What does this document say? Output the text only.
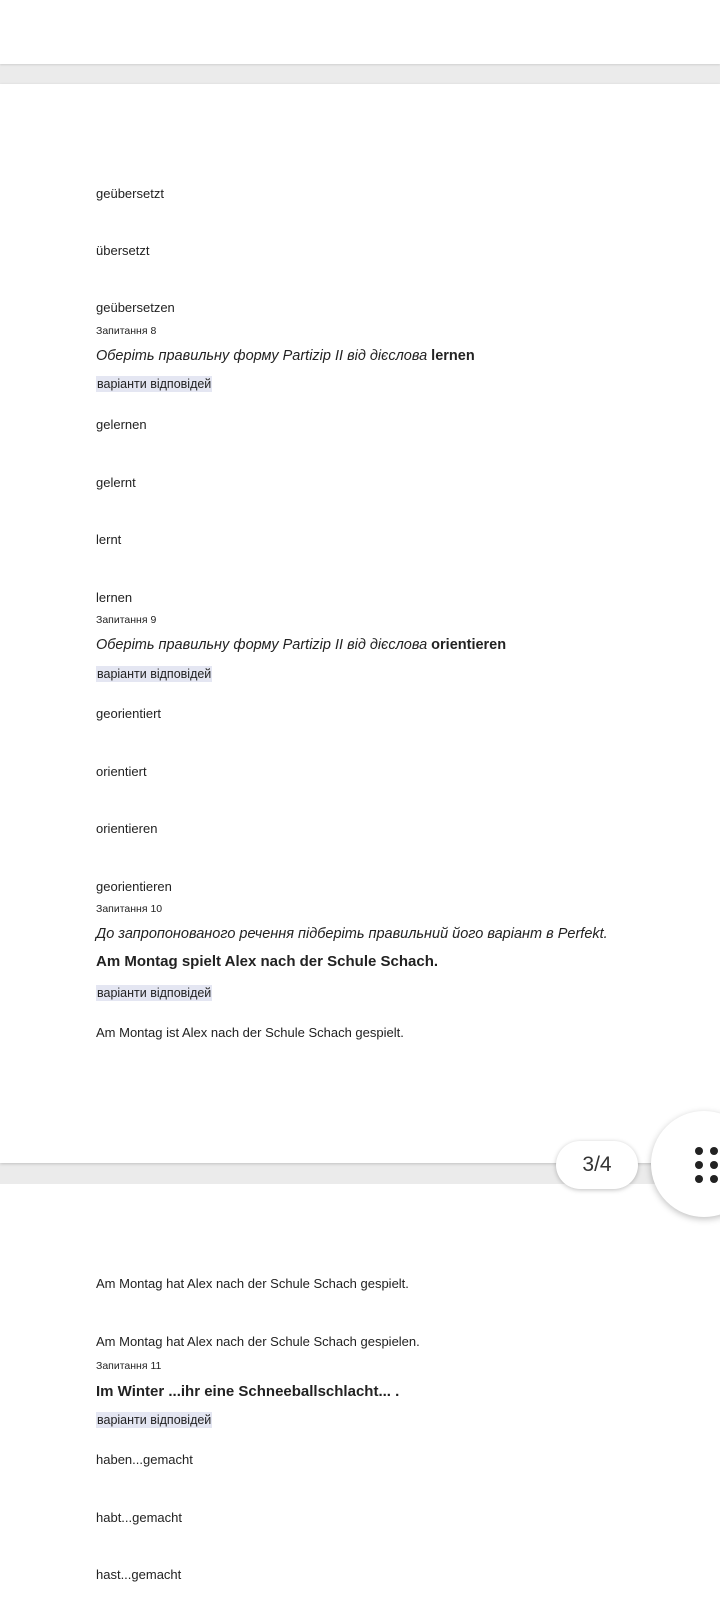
geübersetzt

übersetzt

geübersetzen

Запитання 8

Оберіть правильну форму Partizip II від дієслова lernen

варіанти відповідей

gelernen

gelernt

lernt

lernen

Запитання 9

Оберіть правильну форму Partizip II від дієслова orientieren

варіанти відповідей

georientiert

orientiert

orientieren

georientieren

Запитання 10

До запропонованого речення підберіть правильний його варіант в Perfekt.

Am Montag spielt Alex nach der Schule Schach.

варіанти відповідей

Am Montag ist Alex nach der Schule Schach gespielt.

Am Montag hat Alex nach der Schule Schach gespielt.

Am Montag hat Alex nach der Schule Schach gespielen.

Запитання 11

Im Winter ...ihr eine Schneeballschlacht... .

варіанти відповідей

haben...gemacht

habt...gemacht

hast...gemacht

3/4
